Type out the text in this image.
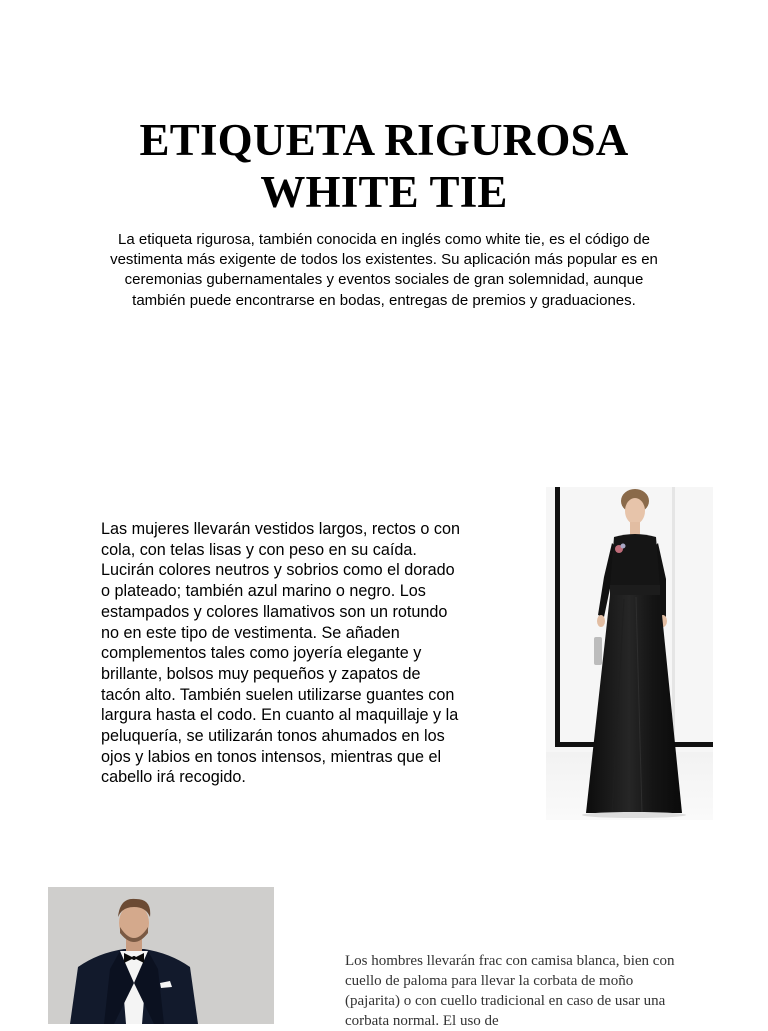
ETIQUETA RIGUROSA
WHITE TIE

La etiqueta rigurosa, también conocida en inglés como white tie, es el código de vestimenta más exigente de todos los existentes. Su aplicación más popular es en ceremonias gubernamentales y eventos sociales de gran solemnidad, aunque también puede encontrarse en bodas, entregas de premios y graduaciones.

Las mujeres llevarán vestidos largos, rectos o con cola, con telas lisas y con peso en su caída. Lucirán colores neutros y sobrios como el dorado o plateado; también azul marino o negro. Los estampados y colores llamativos son un rotundo no en este tipo de vestimenta. Se añaden complementos tales como joyería elegante y brillante, bolsos muy pequeños y zapatos de tacón alto. También suelen utilizarse guantes con largura hasta el codo. En cuanto al maquillaje y la peluquería, se utilizarán tonos ahumados en los ojos y labios en tonos intensos, mientras que el cabello irá recogido.

Los hombres llevarán frac con camisa blanca, bien con cuello de paloma para llevar la corbata de moño (pajarita) o con cuello tradicional en caso de usar una corbata normal. El uso de
